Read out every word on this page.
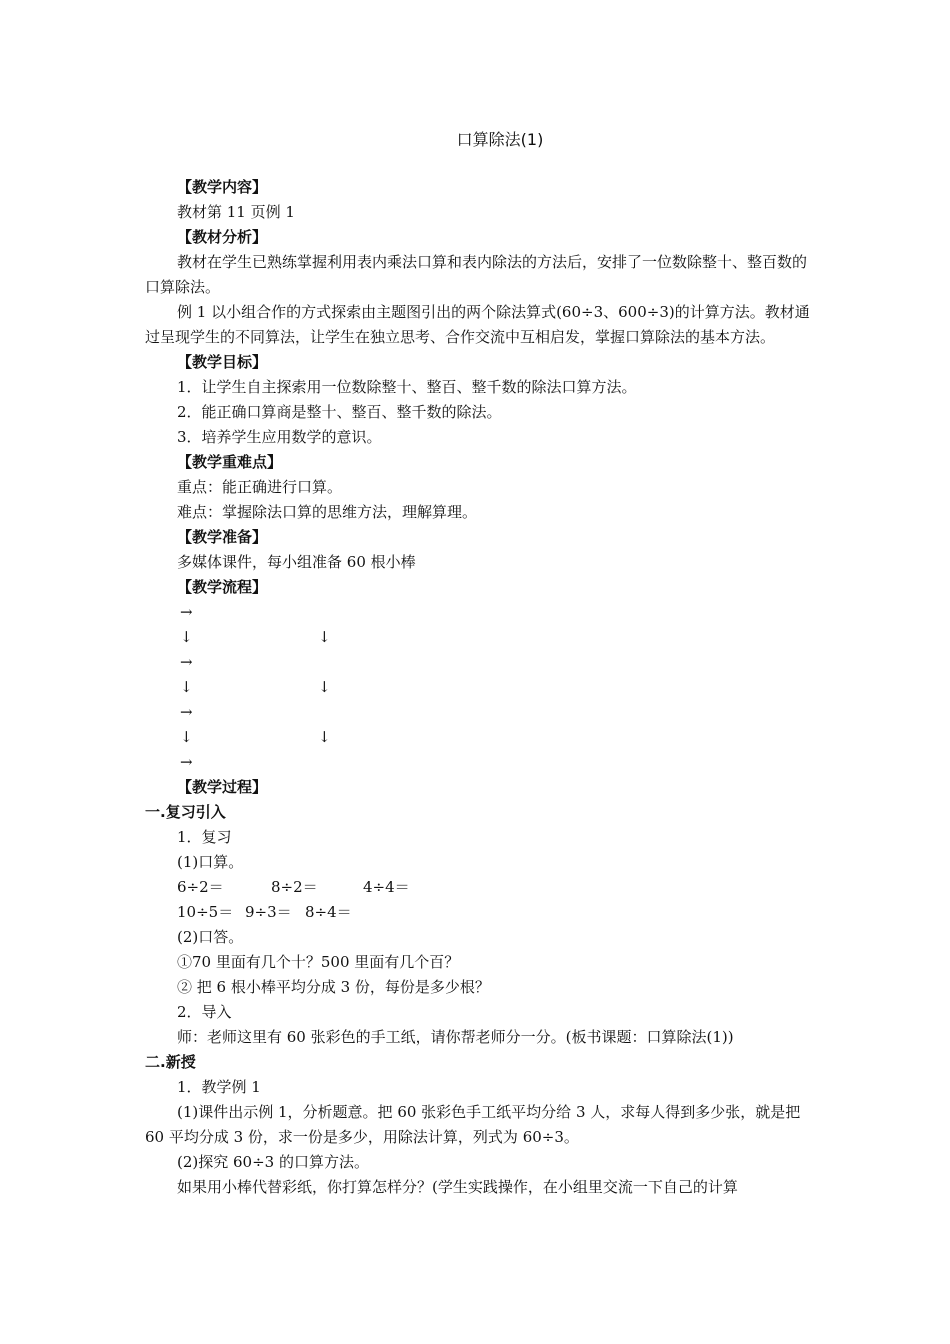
口算除法(1)

【教学内容】

教材第 11 页例 1

【教材分析】

教材在学生已熟练掌握利用表内乘法口算和表内除法的方法后，安排了一位数除整十、整百数的口算除法。

例 1 以小组合作的方式探索由主题图引出的两个除法算式(60÷3、600÷3)的计算方法。教材通过呈现学生的不同算法，让学生在独立思考、合作交流中互相启发，掌握口算除法的基本方法。

【教学目标】

1．让学生自主探索用一位数除整十、整百、整千数的除法口算方法。

2．能正确口算商是整十、整百、整千数的除法。

3．培养学生应用数学的意识。

【教学重难点】

重点：能正确进行口算。

难点：掌握除法口算的思维方法，理解算理。

【教学准备】

多媒体课件，每小组准备 60 根小棒

【教学流程】

→
↓	↓
→
↓	↓
→
↓	↓
→

【教学过程】

一.复习引入

1．复习

(1)口算。

6÷2＝	8÷2＝	4÷4＝

10÷5＝ 9÷3＝ 8÷4＝

(2)口答。

①70 里面有几个十？500 里面有几个百？

② 把 6 根小棒平均分成 3 份，每份是多少根？

2．导入

师：老师这里有 60 张彩色的手工纸，请你帮老师分一分。(板书课题：口算除法(1))

二.新授

1．教学例 1

(1)课件出示例 1，分析题意。把 60 张彩色手工纸平均分给 3 人，求每人得到多少张，就是把 60 平均分成 3 份，求一份是多少，用除法计算，列式为 60÷3。

(2)探究 60÷3 的口算方法。

如果用小棒代替彩纸，你打算怎样分？(学生实践操作，在小组里交流一下自己的计算
